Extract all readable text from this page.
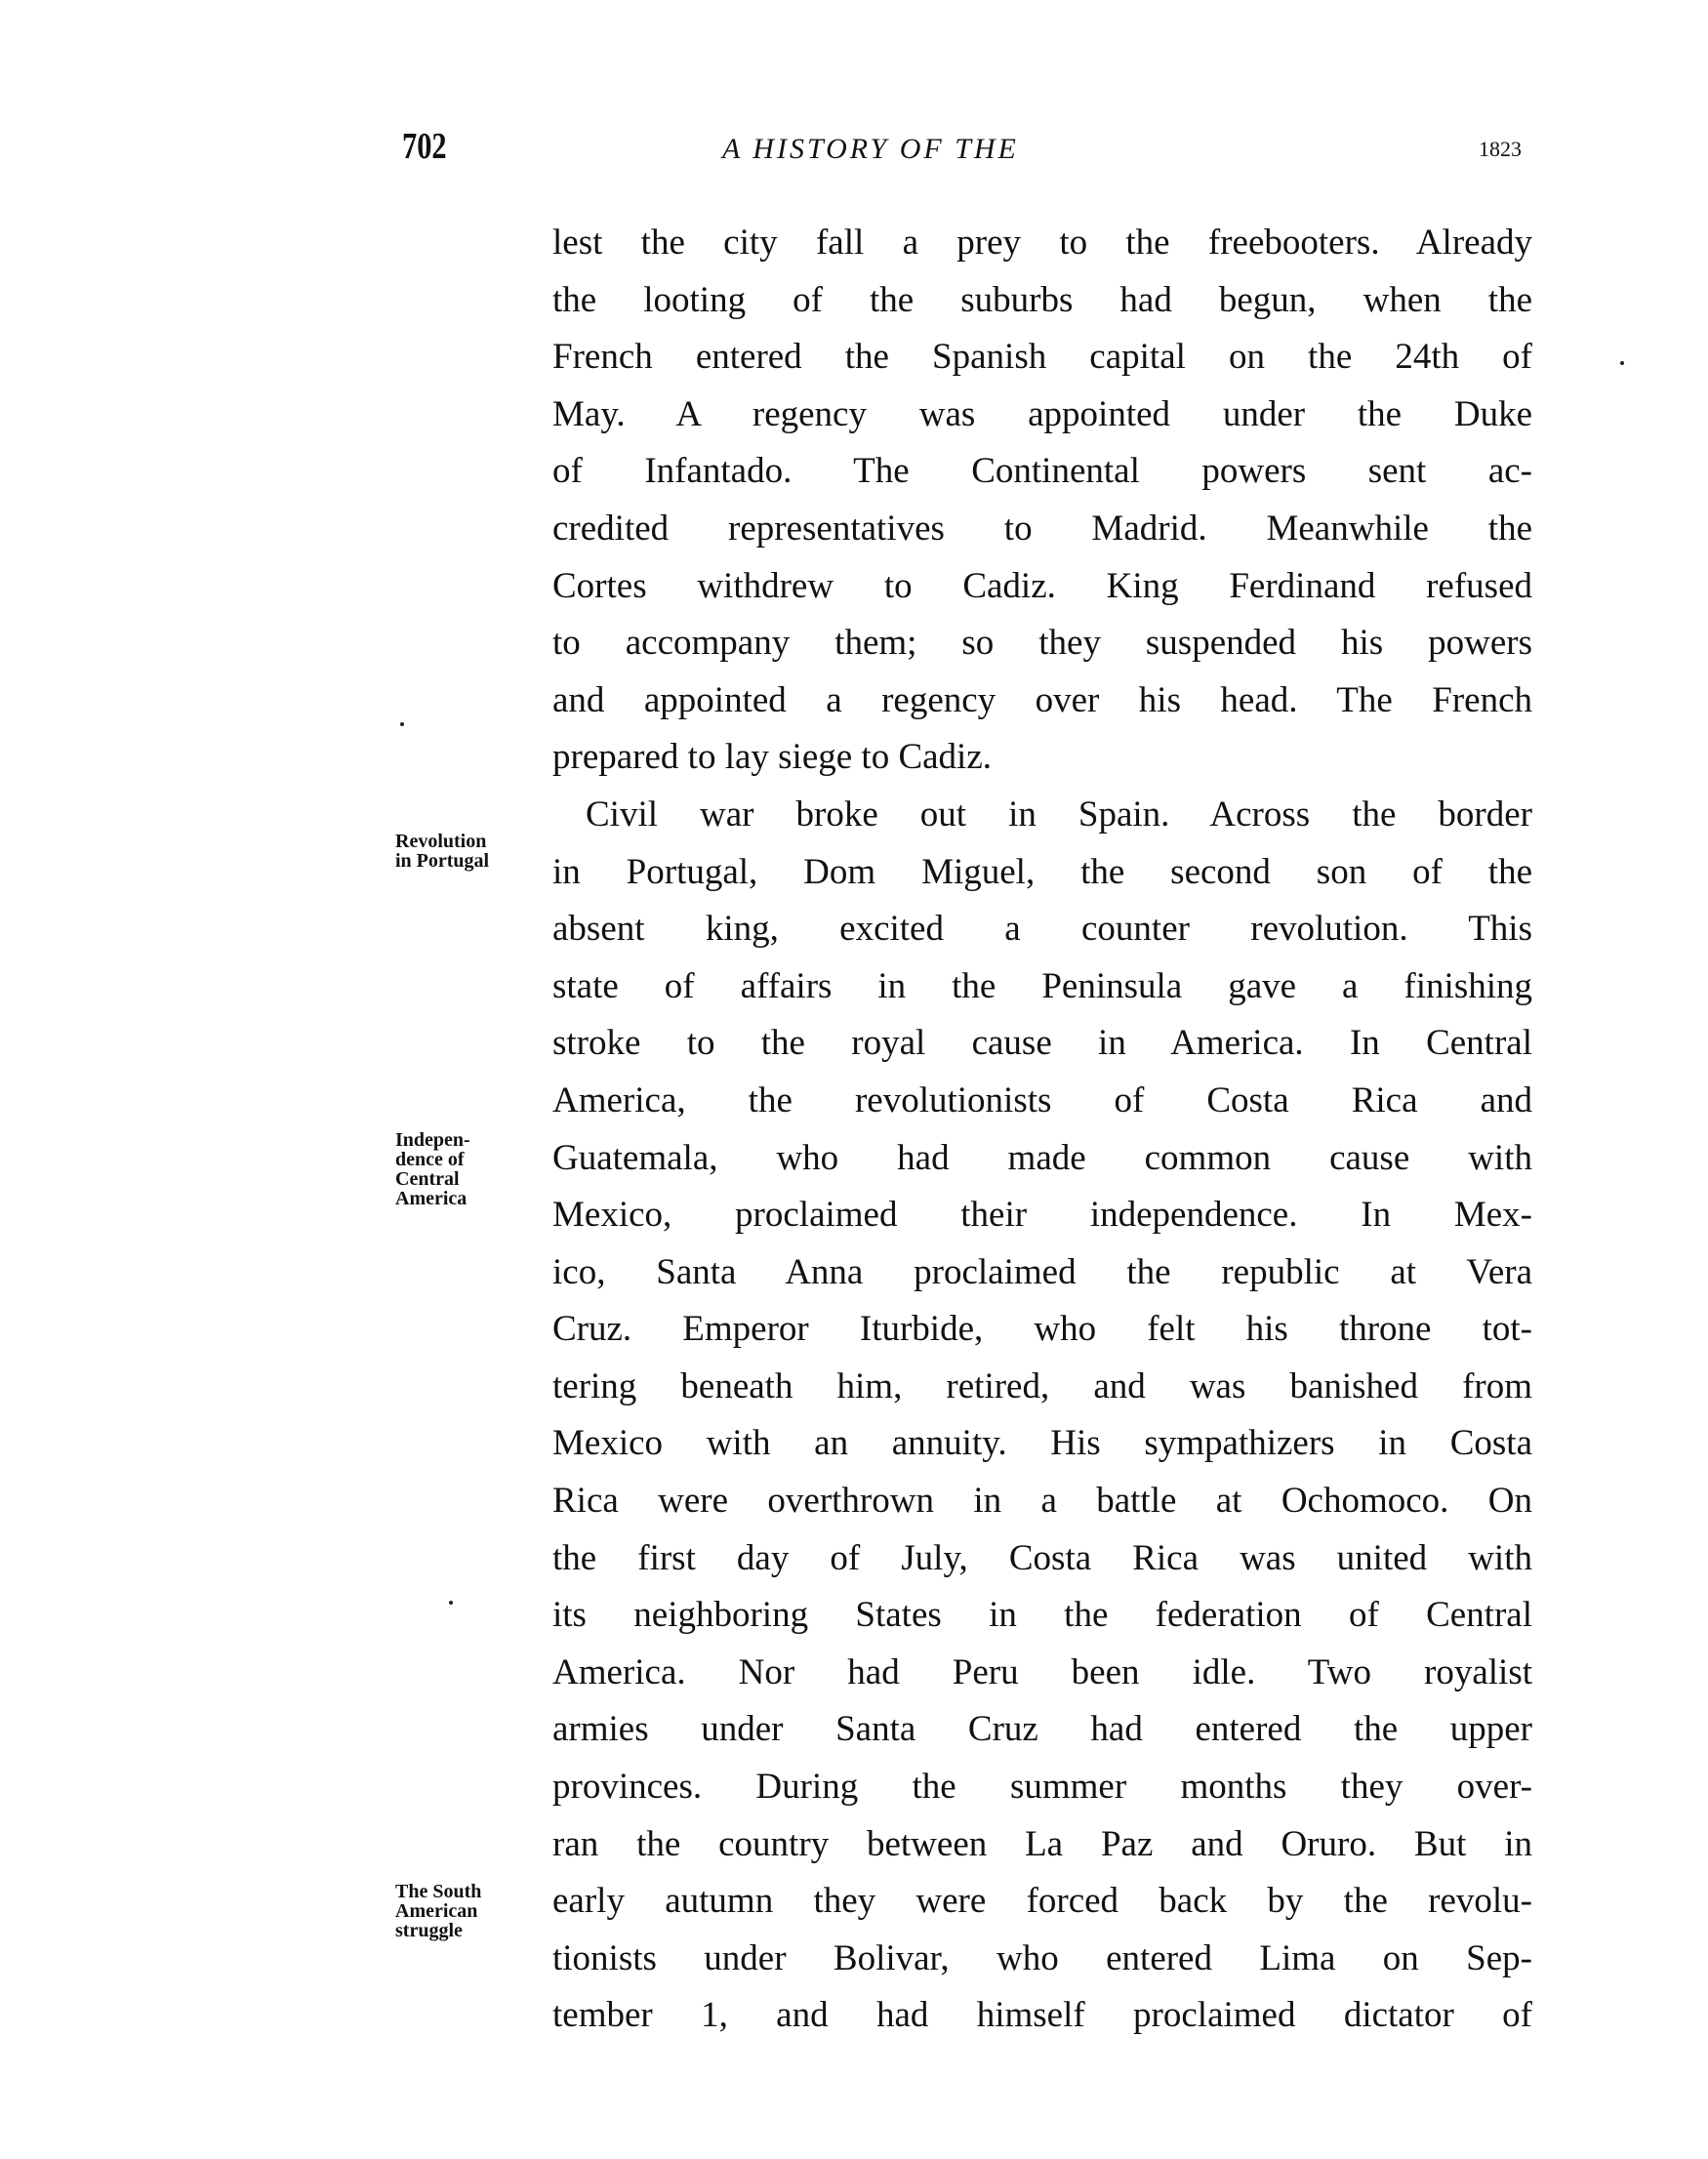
702	A HISTORY OF THE	1823
lest the city fall a prey to the freebooters. Already
the looting of the suburbs had begun, when the
French entered the Spanish capital on the 24th of
May. A regency was appointed under the Duke
of Infantado. The Continental powers sent ac-
credited representatives to Madrid. Meanwhile the
Cortes withdrew to Cadiz. King Ferdinand refused
to accompany them; so they suspended his powers
and appointed a regency over his head. The French
prepared to lay siege to Cadiz.
Civil war broke out in Spain. Across the border
in Portugal, Dom Miguel, the second son of the
absent king, excited a counter revolution. This
state of affairs in the Peninsula gave a finishing
stroke to the royal cause in America. In Central
America, the revolutionists of Costa Rica and
Guatemala, who had made common cause with
Mexico, proclaimed their independence. In Mex-
ico, Santa Anna proclaimed the republic at Vera
Cruz. Emperor Iturbide, who felt his throne tot-
tering beneath him, retired, and was banished from
Mexico with an annuity. His sympathizers in Costa
Rica were overthrown in a battle at Ochomoco. On
the first day of July, Costa Rica was united with
its neighboring States in the federation of Central
America. Nor had Peru been idle. Two royalist
armies under Santa Cruz had entered the upper
provinces. During the summer months they over-
ran the country between La Paz and Oruro. But in
early autumn they were forced back by the revolu-
tionists under Bolivar, who entered Lima on Sep-
tember 1, and had himself proclaimed dictator of
Revolution
in Portugal
Indepen-
dence of
Central
America
The South
American
struggle
